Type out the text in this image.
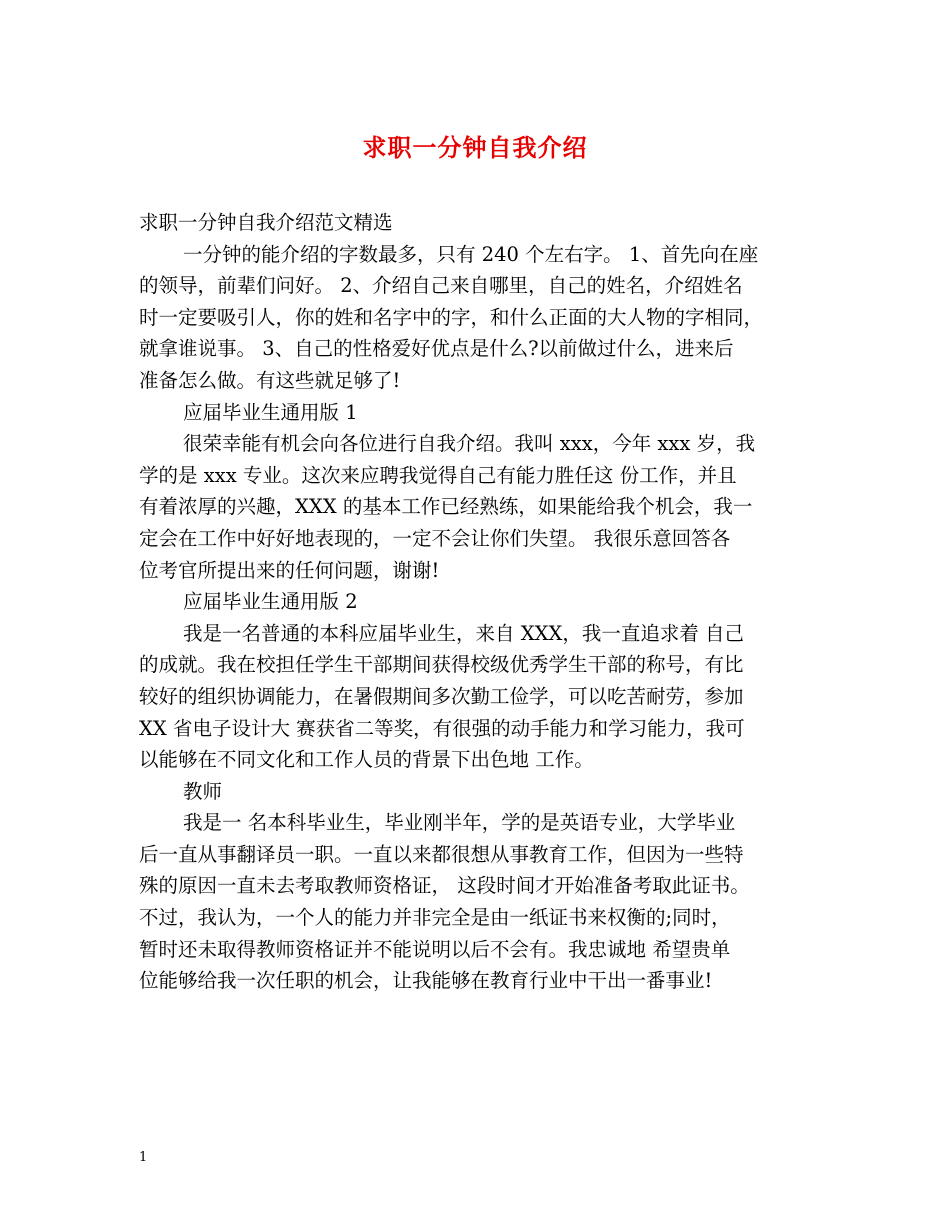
求职一分钟自我介绍
求职一分钟自我介绍范文精选
一分钟的能介绍的字数最多，只有 240 个左右字。 1、首先向在座
的领导，前辈们问好。 2、介绍自己来自哪里，自己的姓名，介绍姓名
时一定要吸引人，你的姓和名字中的字，和什么正面的大人物的字相同，
就拿谁说事。 3、自己的性格爱好优点是什么?以前做过什么，进来后
准备怎么做。有这些就足够了!
应届毕业生通用版 1
很荣幸能有机会向各位进行自我介绍。我叫 xxx，今年 xxx 岁，我
学的是 xxx 专业。这次来应聘我觉得自己有能力胜任这 份工作，并且
有着浓厚的兴趣，XXX 的基本工作已经熟练，如果能给我个机会，我一
定会在工作中好好地表现的，一定不会让你们失望。 我很乐意回答各
位考官所提出来的任何问题，谢谢!
应届毕业生通用版 2
我是一名普通的本科应届毕业生，来自 XXX，我一直追求着 自己
的成就。我在校担任学生干部期间获得校级优秀学生干部的称号，有比
较好的组织协调能力，在暑假期间多次勤工俭学，可以吃苦耐劳，参加
XX 省电子设计大 赛获省二等奖，有很强的动手能力和学习能力，我可
以能够在不同文化和工作人员的背景下出色地 工作。
教师
我是一 名本科毕业生，毕业刚半年，学的是英语专业，大学毕业
后一直从事翻译员一职。一直以来都很想从事教育工作，但因为一些特
殊的原因一直未去考取教师资格证， 这段时间才开始准备考取此证书。
不过，我认为，一个人的能力并非完全是由一纸证书来权衡的;同时，
暂时还未取得教师资格证并不能说明以后不会有。我忠诚地 希望贵单
位能够给我一次任职的机会，让我能够在教育行业中干出一番事业!
1
